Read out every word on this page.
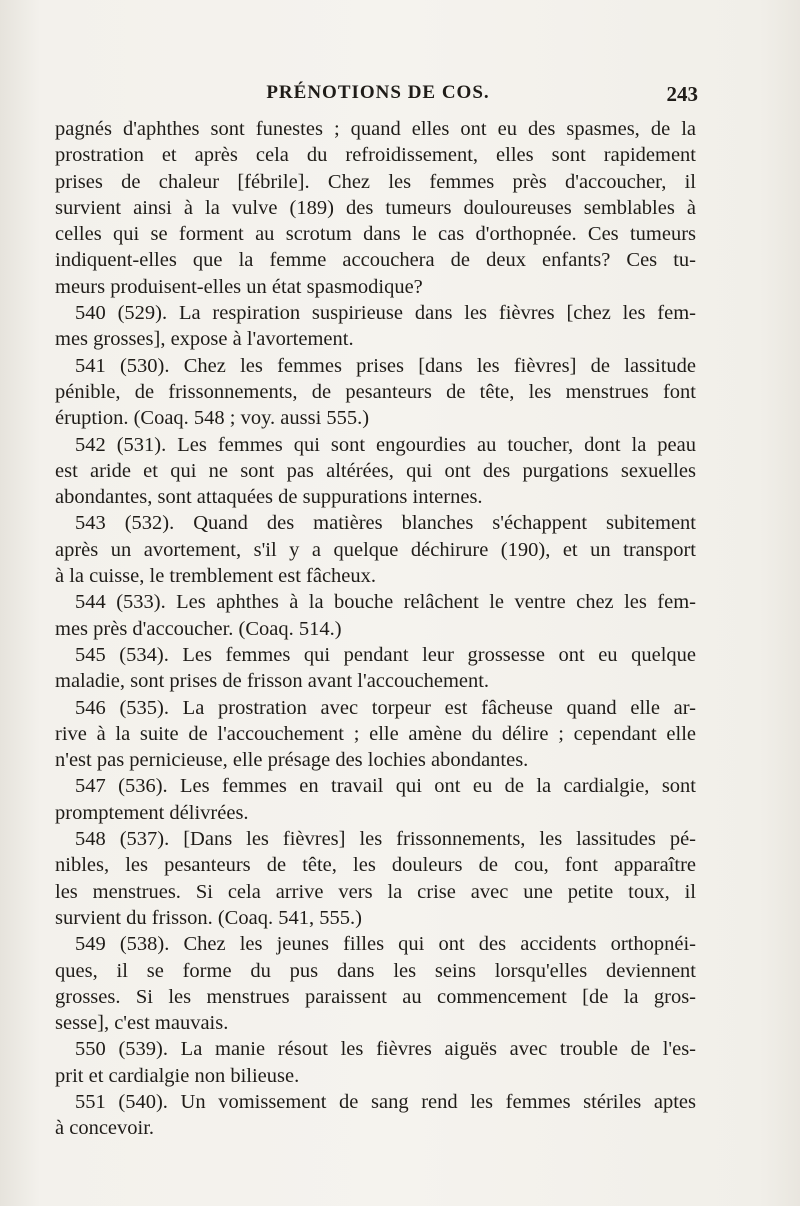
PRÉNOTIONS DE COS.	243
pagnés d'aphthes sont funestes ; quand elles ont eu des spasmes, de la
prostration et après cela du refroidissement, elles sont rapidement
prises de chaleur [fébrile]. Chez les femmes près d'accoucher, il
survient ainsi à la vulve (189) des tumeurs douloureuses semblables à
celles qui se forment au scrotum dans le cas d'orthopnée. Ces tumeurs
indiquent-elles que la femme accouchera de deux enfants? Ces tu-
meurs produisent-elles un état spasmodique?
540 (529). La respiration suspirieuse dans les fièvres [chez les fem-
mes grosses], expose à l'avortement.
541 (530). Chez les femmes prises [dans les fièvres] de lassitude
pénible, de frissonnements, de pesanteurs de tête, les menstrues font
éruption. (Coaq. 548 ; voy. aussi 555.)
542 (531). Les femmes qui sont engourdies au toucher, dont la peau
est aride et qui ne sont pas altérées, qui ont des purgations sexuelles
abondantes, sont attaquées de suppurations internes.
543 (532). Quand des matières blanches s'échappent subitement
après un avortement, s'il y a quelque déchirure (190), et un transport
à la cuisse, le tremblement est fâcheux.
544 (533). Les aphthes à la bouche relâchent le ventre chez les fem-
mes près d'accoucher. (Coaq. 514.)
545 (534). Les femmes qui pendant leur grossesse ont eu quelque
maladie, sont prises de frisson avant l'accouchement.
546 (535). La prostration avec torpeur est fâcheuse quand elle ar-
rive à la suite de l'accouchement ; elle amène du délire ; cependant elle
n'est pas pernicieuse, elle présage des lochies abondantes.
547 (536). Les femmes en travail qui ont eu de la cardialgie, sont
promptement délivrées.
548 (537). [Dans les fièvres] les frissonnements, les lassitudes pé-
nibles, les pesanteurs de tête, les douleurs de cou, font apparaître
les menstrues. Si cela arrive vers la crise avec une petite toux, il
survient du frisson. (Coaq. 541, 555.)
549 (538). Chez les jeunes filles qui ont des accidents orthopnéi-
ques, il se forme du pus dans les seins lorsqu'elles deviennent
grosses. Si les menstrues paraissent au commencement [de la gros-
sesse], c'est mauvais.
550 (539). La manie résout les fièvres aiguës avec trouble de l'es-
prit et cardialgie non bilieuse.
551 (540). Un vomissement de sang rend les femmes stériles aptes
à concevoir.
